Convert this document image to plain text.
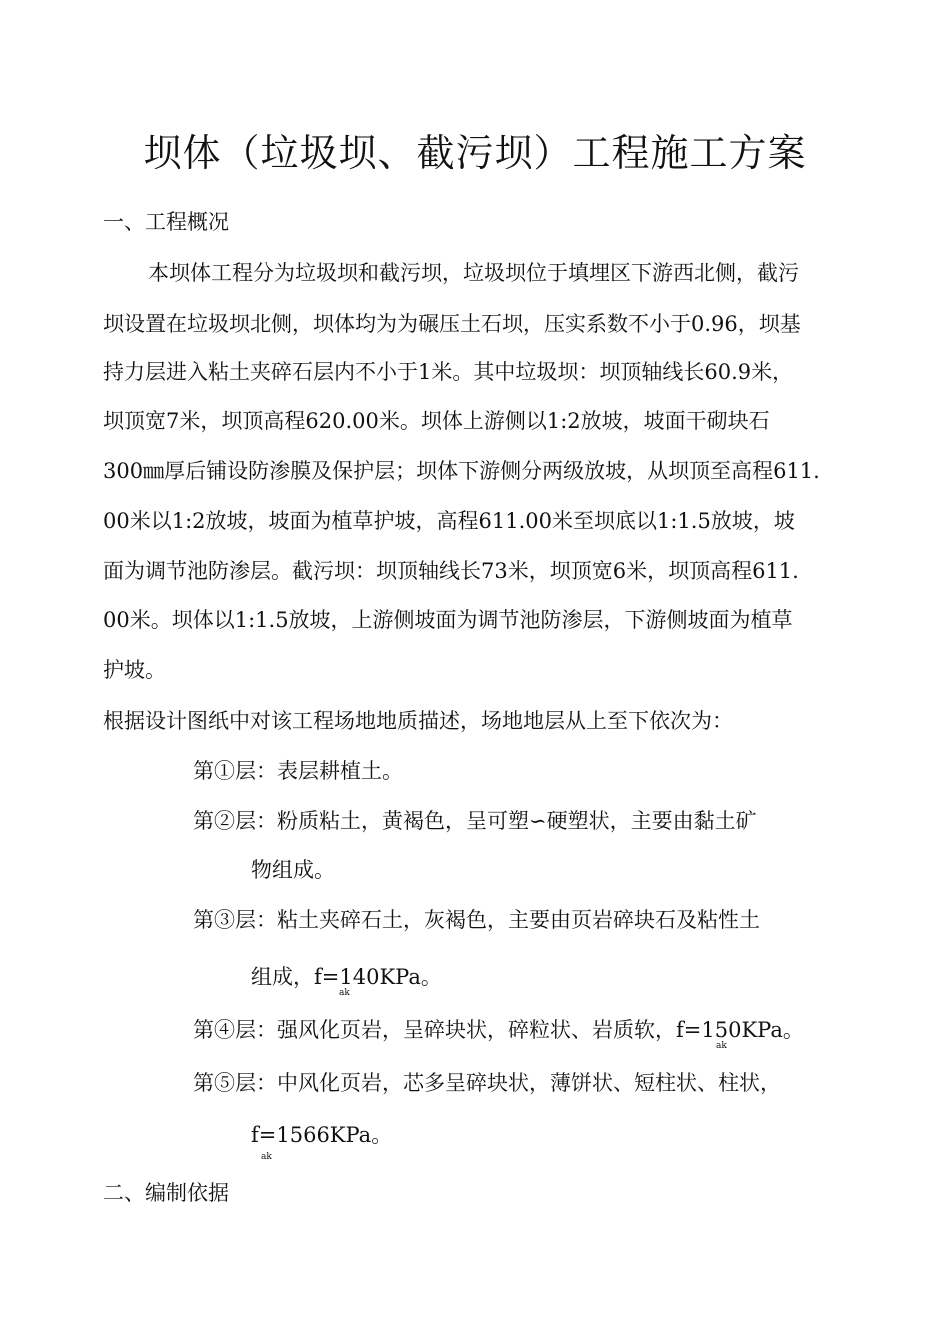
坝体（垃圾坝、截污坝）工程施工方案
一、工程概况
本坝体工程分为垃圾坝和截污坝，垃圾坝位于填埋区下游西北侧，截污
坝设置在垃圾坝北侧，坝体均为为碾压土石坝，压实系数不小于0.96，坝基
持力层进入粘土夹碎石层内不小于1米。其中垃圾坝：坝顶轴线长60.9米，
坝顶宽7米，坝顶高程620.00米。坝体上游侧以1:2放坡，坡面干砌块石
300㎜厚后铺设防渗膜及保护层；坝体下游侧分两级放坡，从坝顶至高程611.
00米以1:2放坡，坡面为植草护坡，高程611.00米至坝底以1:1.5放坡，坡
面为调节池防渗层。截污坝：坝顶轴线长73米，坝顶宽6米，坝顶高程611.
00米。坝体以1:1.5放坡，上游侧坡面为调节池防渗层，下游侧坡面为植草
护坡。
根据设计图纸中对该工程场地地质描述，场地地层从上至下依次为：
第①层：表层耕植土。
第②层：粉质粘土，黄褐色，呈可塑∽硬塑状，主要由黏土矿
物组成。
第③层：粘土夹碎石土，灰褐色，主要由页岩碎块石及粘性土
组成，f=140KPa。
ak
第④层：强风化页岩，呈碎块状，碎粒状、岩质软，f=150KPa。
ak
第⑤层：中风化页岩，芯多呈碎块状，薄饼状、短柱状、柱状，
f=1566KPa。
ak
二、编制依据
